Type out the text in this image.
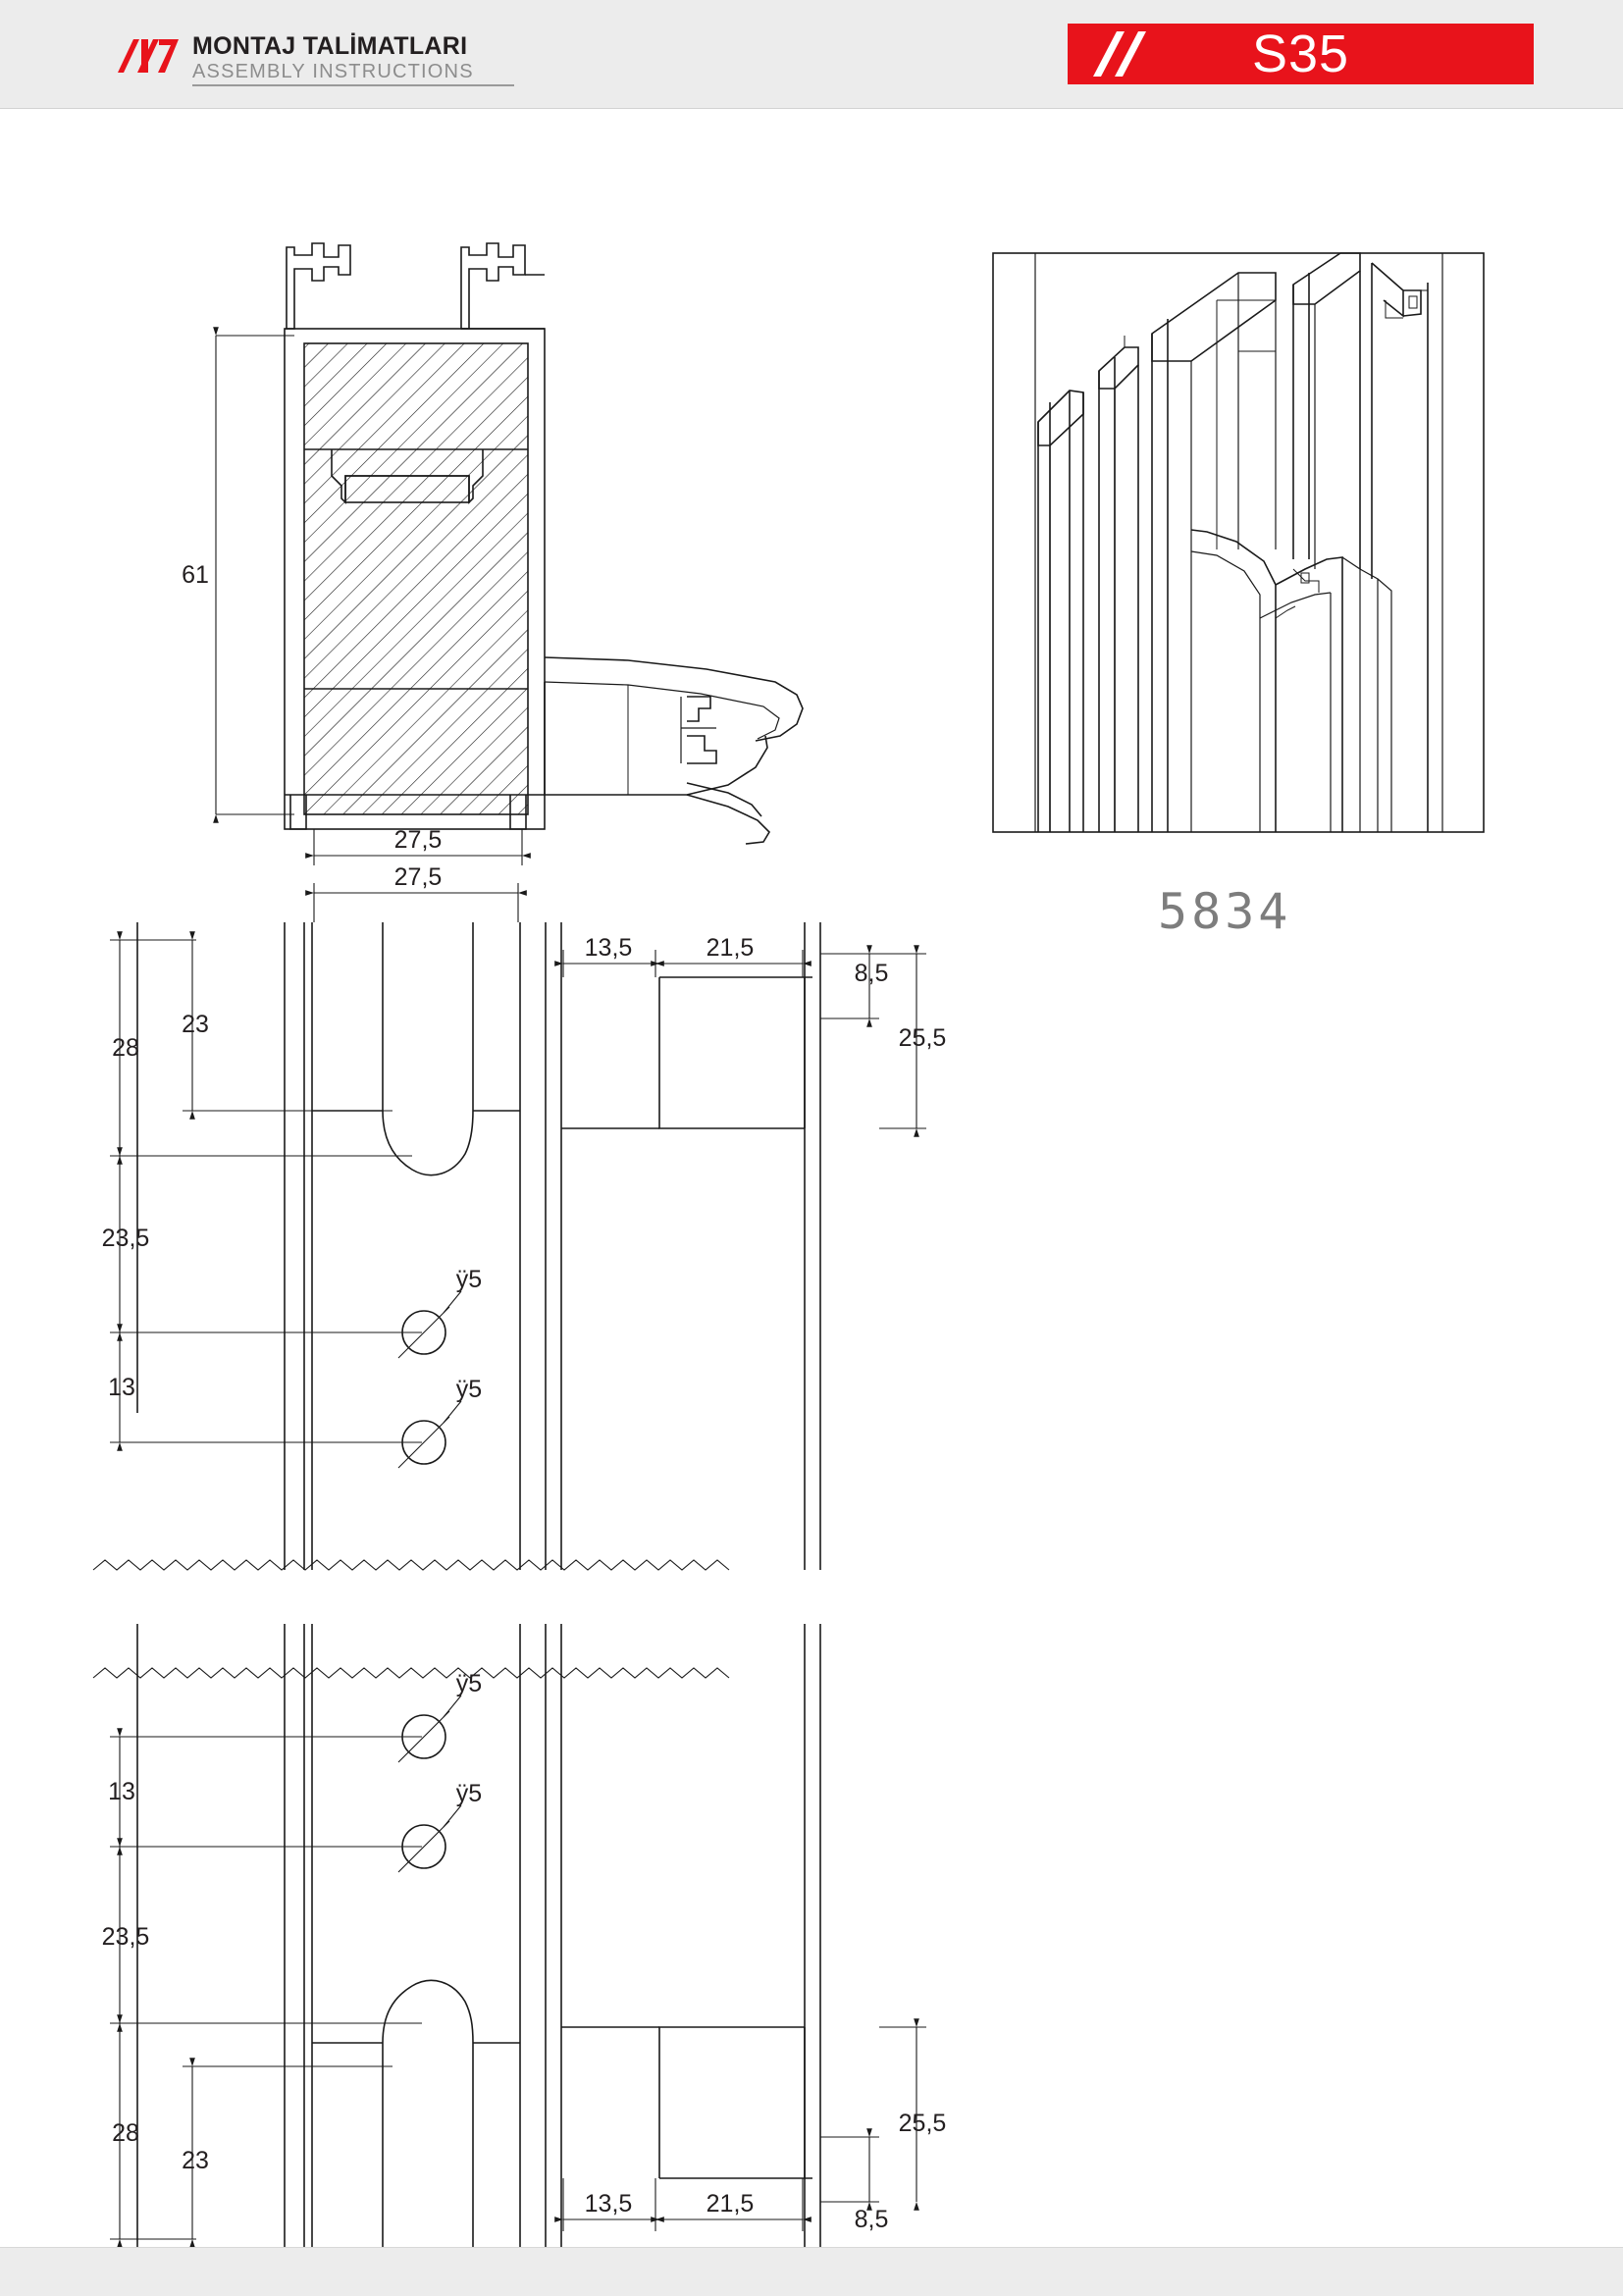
MONTAJ TALİMATLARI
ASSEMBLY INSTRUCTIONS	S35
61
27,5
27,5
28
23
23,5
13
13,5	21,5
8,5
25,5
ÿ5
ÿ5
13
23,5
28
23
13,5	21,5
8,5
25,5
ÿ5
ÿ5
5834
